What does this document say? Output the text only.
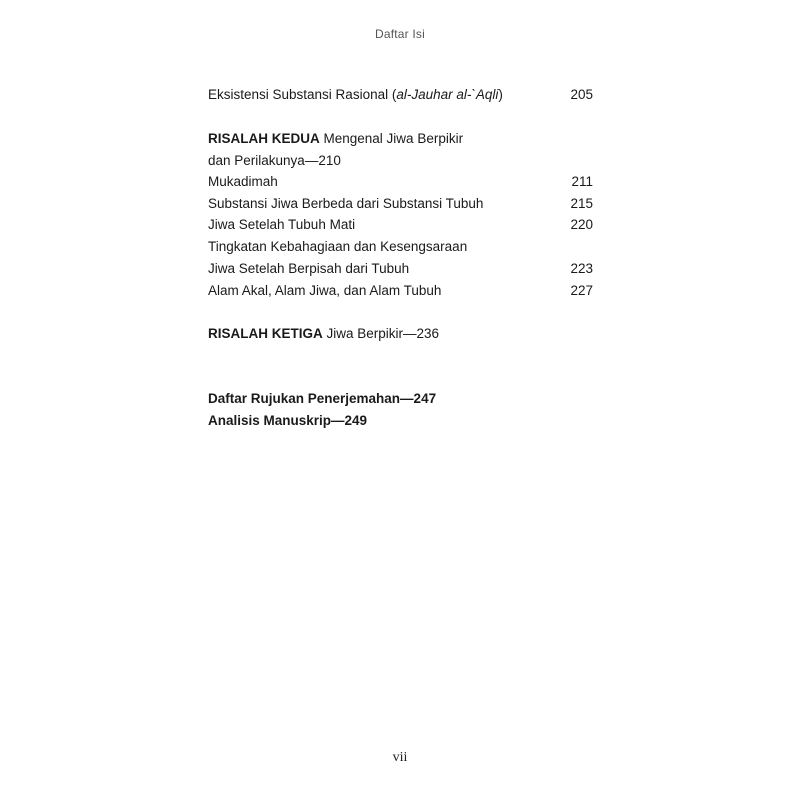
Daftar Isi
Eksistensi Substansi Rasional (al-Jauhar al-`Aqli)	205
RISALAH KEDUA Mengenal Jiwa Berpikir
dan Perilakunya—210
Mukadimah	211
Substansi Jiwa Berbeda dari Substansi Tubuh	215
Jiwa Setelah Tubuh Mati	220
Tingkatan Kebahagiaan dan Kesengsaraan
Jiwa Setelah Berpisah dari Tubuh	223
Alam Akal, Alam Jiwa, dan Alam Tubuh	227
RISALAH KETIGA Jiwa Berpikir—236
Daftar Rujukan Penerjemahan—247
Analisis Manuskrip—249
vii
